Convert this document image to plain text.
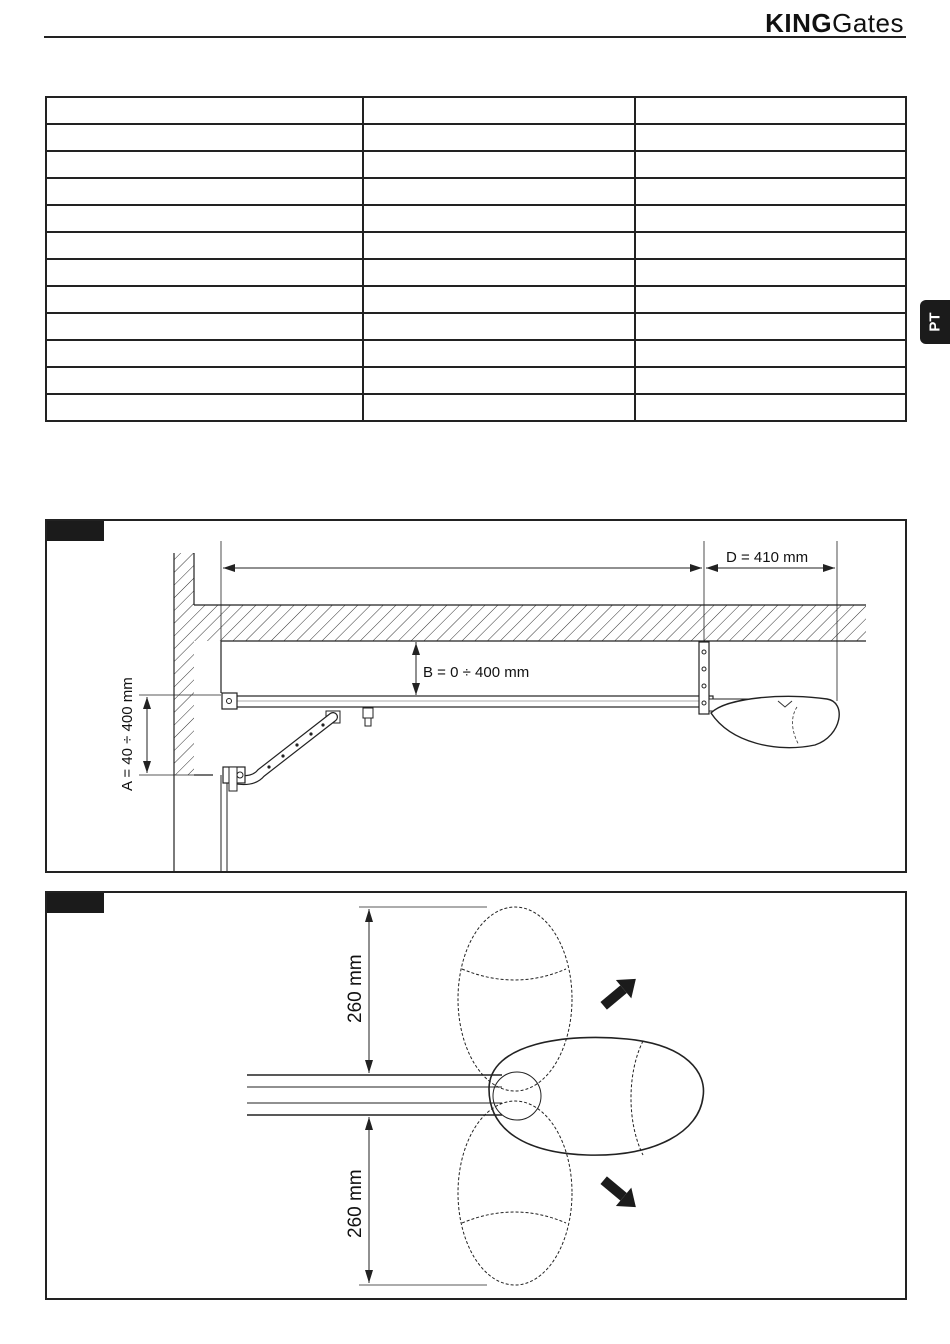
KINGGates
PT

D = 410 mm
B = 0 ÷ 400 mm
A = 40 ÷ 400 mm
260 mm
260 mm
